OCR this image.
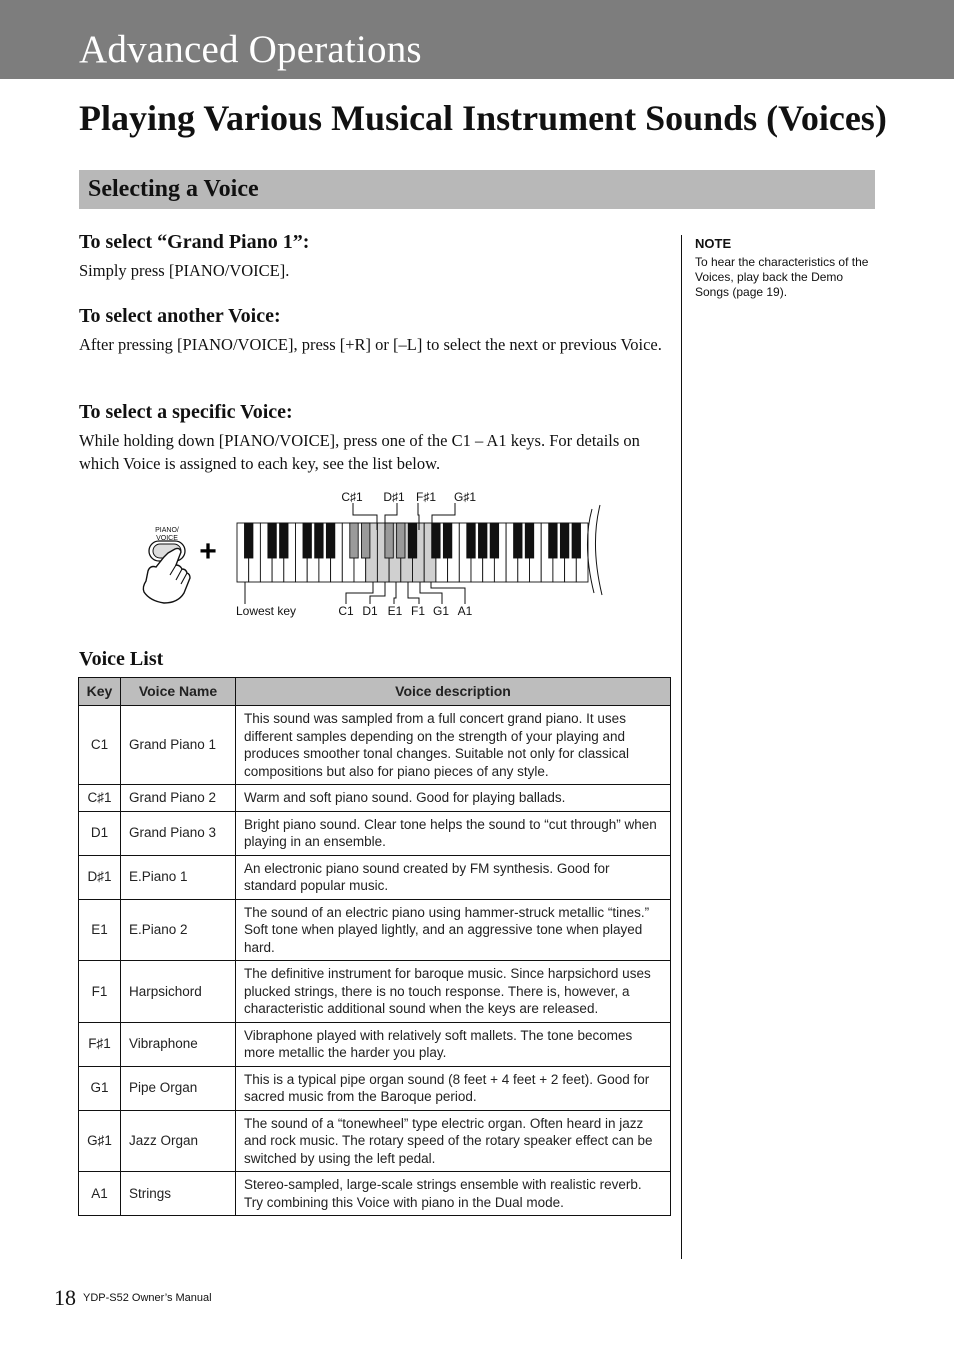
Advanced Operations
Playing Various Musical Instrument Sounds (Voices)
Selecting a Voice
To select “Grand Piano 1”:

Simply press [PIANO/VOICE].

To select another Voice:

After pressing [PIANO/VOICE], press [+R] or [–L] to select the next or previous Voice.

To select a specific Voice:

While holding down [PIANO/VOICE], press one of the C1 – A1 keys. For details on which Voice is assigned to each key, see the list below.

NOTE

To hear the characteristics of the Voices, play back the Demo Songs (page 19).

PIANO/
VOICE +
C♯1 D♯1 F♯1 G♯1
Lowest key	C1 D1 E1 F1 G1 A1
Voice List
Key	Voice Name	Voice description
C1	Grand Piano 1	This sound was sampled from a full concert grand piano. It uses different samples depending on the strength of your playing and produces smoother tonal changes. Suitable not only for classical compositions but also for piano pieces of any style.
C♯1	Grand Piano 2	Warm and soft piano sound. Good for playing ballads.
D1	Grand Piano 3	Bright piano sound. Clear tone helps the sound to “cut through” when playing in an ensemble.
D♯1	E.Piano 1	An electronic piano sound created by FM synthesis. Good for standard popular music.
E1	E.Piano 2	The sound of an electric piano using hammer-struck metallic “tines.” Soft tone when played lightly, and an aggressive tone when played hard.
F1	Harpsichord	The definitive instrument for baroque music. Since harpsichord uses plucked strings, there is no touch response. There is, however, a characteristic additional sound when the keys are released.
F♯1	Vibraphone	Vibraphone played with relatively soft mallets. The tone becomes more metallic the harder you play.
G1	Pipe Organ	This is a typical pipe organ sound (8 feet + 4 feet + 2 feet). Good for sacred music from the Baroque period.
G♯1	Jazz Organ	The sound of a “tonewheel” type electric organ. Often heard in jazz and rock music. The rotary speed of the rotary speaker effect can be switched by using the left pedal.
A1	Strings	Stereo-sampled, large-scale strings ensemble with realistic reverb. Try combining this Voice with piano in the Dual mode.

18 YDP-S52 Owner’s Manual
